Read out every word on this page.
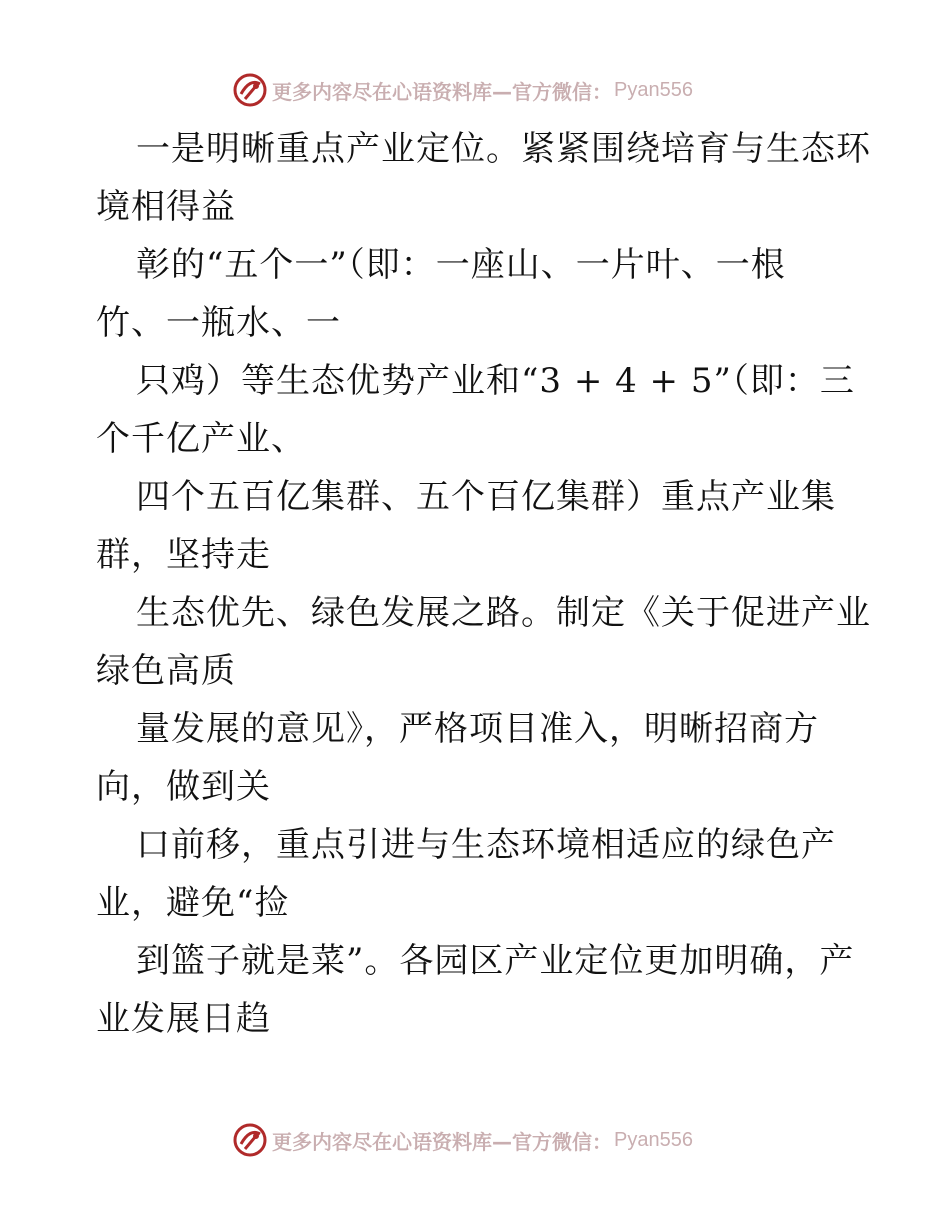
更多内容尽在心语资料库—官方微信： Pyan556
一是明晰重点产业定位。紧紧围绕培育与生态环
境相得益
彰的“五个一”（即：一座山、一片叶、一根
竹、一瓶水、一
只鸡）等生态优势产业和“3 + 4 + 5”（即：三
个千亿产业、
四个五百亿集群、五个百亿集群）重点产业集
群，坚持走
生态优先、绿色发展之路。制定《关于促进产业
绿色高质
量发展的意见》，严格项目准入，明晰招商方
向，做到关
口前移，重点引进与生态环境相适应的绿色产
业，避免“捡
到篮子就是菜”。各园区产业定位更加明确，产
业发展日趋
更多内容尽在心语资料库—官方微信： Pyan556
